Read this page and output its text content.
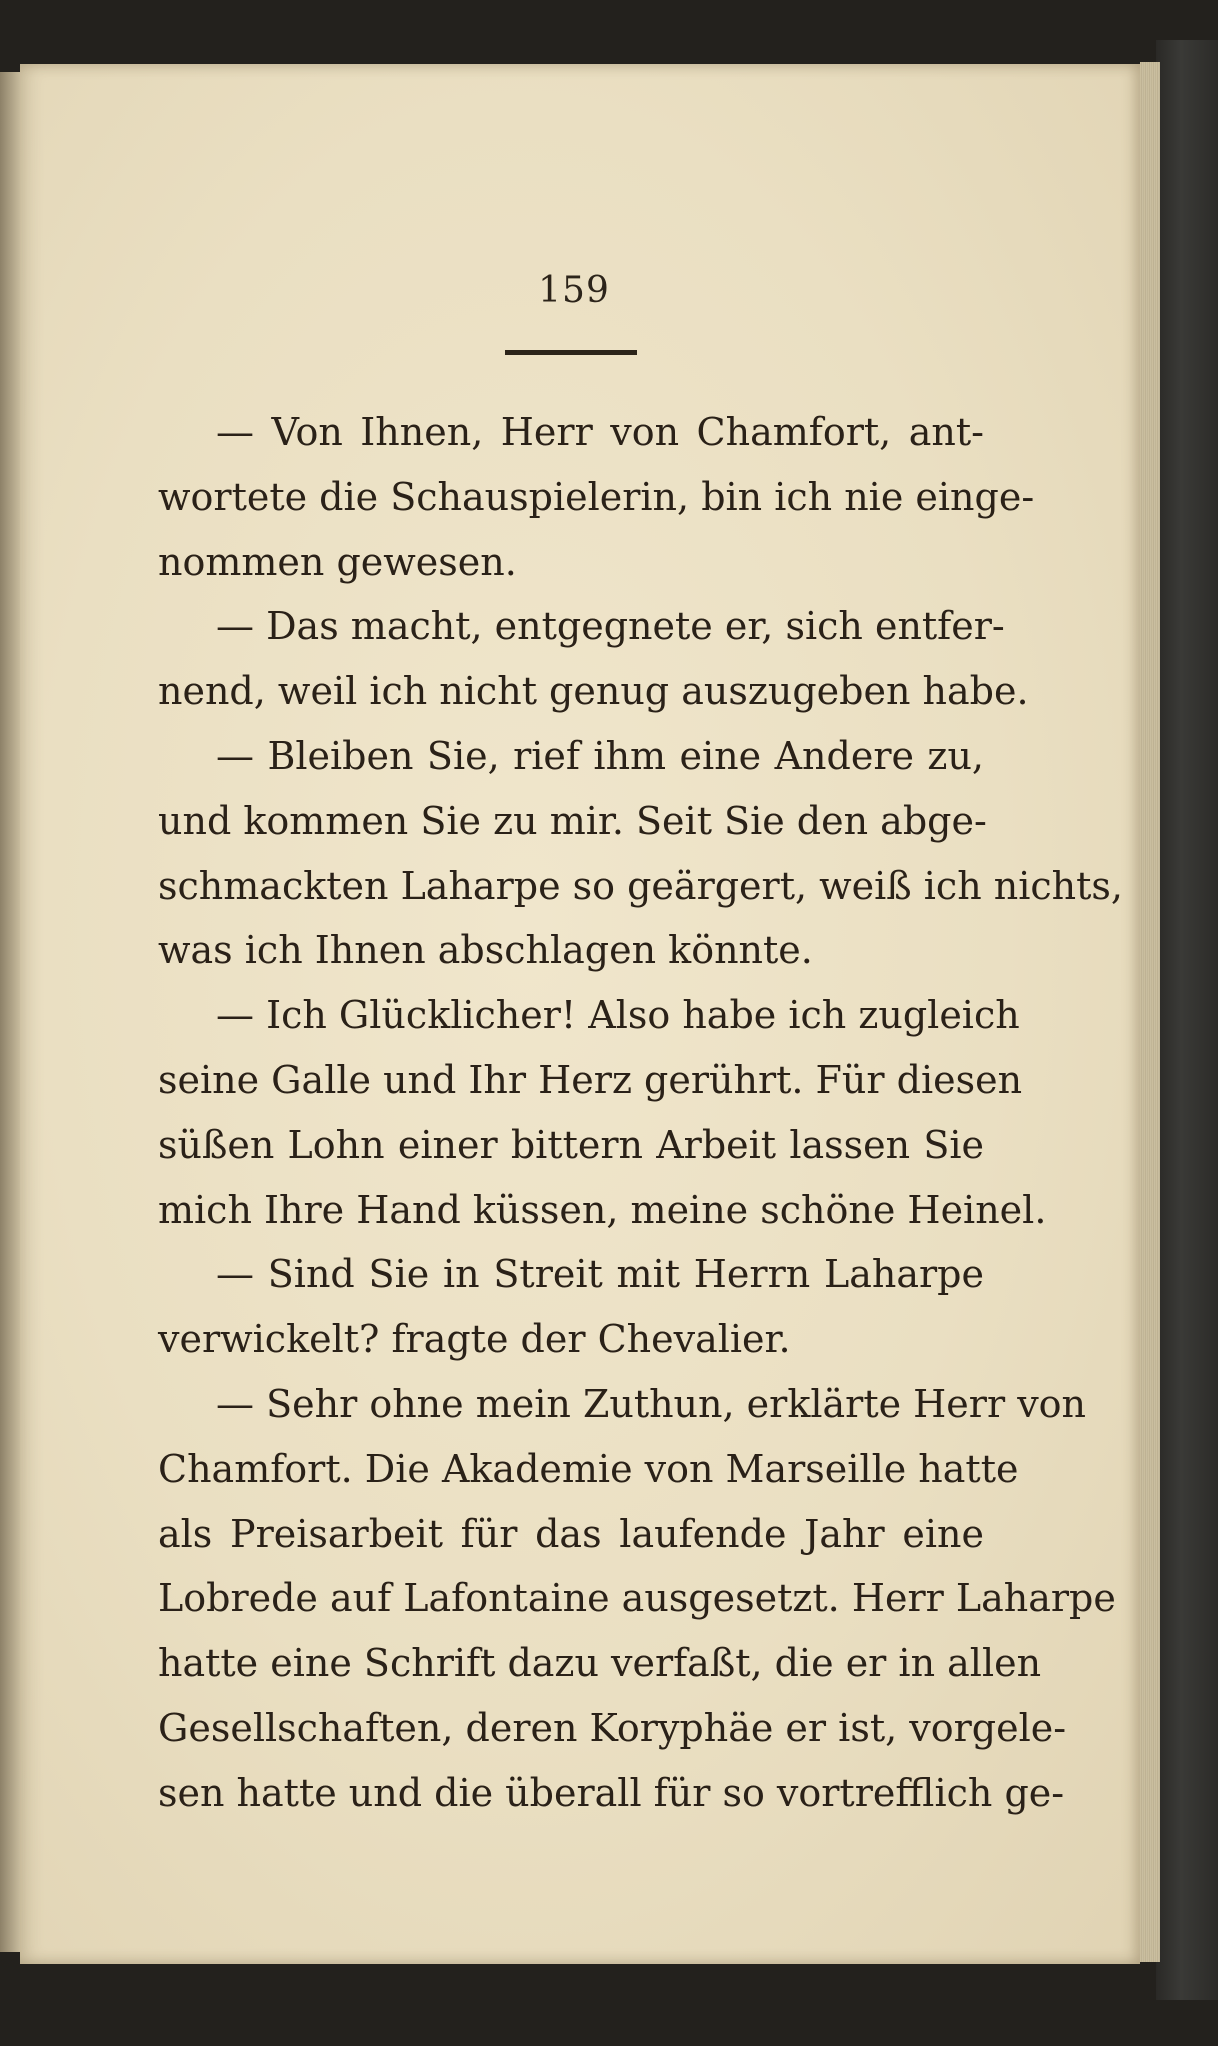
159
— Von Ihnen, Herr von Chamfort, ant-
wortete die Schauspielerin, bin ich nie einge-
nommen gewesen.
— Das macht, entgegnete er, sich entfer-
nend, weil ich nicht genug auszugeben habe.
— Bleiben Sie, rief ihm eine Andere zu,
und kommen Sie zu mir. Seit Sie den abge-
schmackten Laharpe so geärgert, weiß ich nichts,
was ich Ihnen abschlagen könnte.
— Ich Glücklicher! Also habe ich zugleich
seine Galle und Ihr Herz gerührt. Für diesen
süßen Lohn einer bittern Arbeit lassen Sie
mich Ihre Hand küssen, meine schöne Heinel.
— Sind Sie in Streit mit Herrn Laharpe
verwickelt? fragte der Chevalier.
— Sehr ohne mein Zuthun, erklärte Herr von
Chamfort. Die Akademie von Marseille hatte
als Preisarbeit für das laufende Jahr eine
Lobrede auf Lafontaine ausgesetzt. Herr Laharpe
hatte eine Schrift dazu verfaßt, die er in allen
Gesellschaften, deren Koryphäe er ist, vorgele-
sen hatte und die überall für so vortrefflich ge-
